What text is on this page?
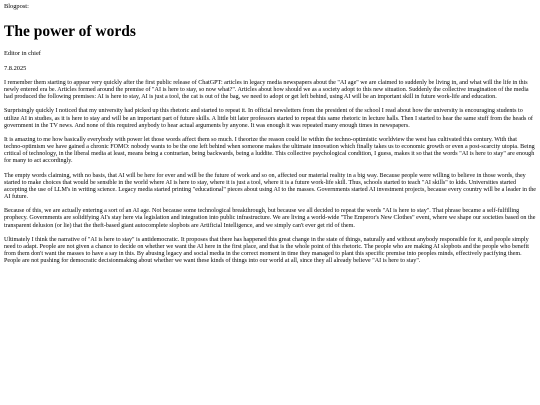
Blogpost:
The power of words
Editor in chief
7.8.2025

I remember them starting to appear very quickly after the first public release of ChatGPT: articles in legacy media newspapers about the "AI age" we are claimed to suddenly be living in, and what will the life in this newly entered era be. Articles formed around the premise of "AI is here to stay, so now what?". Articles about how should we as a society adopt to this new situation. Suddenly the collective imagination of the media had produced the following premises: AI is here to stay, AI is just a tool, the cat is out of the bag, we need to adopt or get left behind, using AI will be an important skill in future work-life and education.

Surprisingly quickly I noticed that my university had picked up this rhetoric and started to repeat it. In official newsletters from the president of the school I read about how the university is encouraging students to utilize AI in studies, as it is here to stay and will be an important part of future skills. A little bit later professors started to repeat this same rhetoric in lecture halls. Then I started to hear the same stuff from the heads of government in the TV news. And none of this required anybody to hear actual arguments by anyone. It was enough it was repeated many enough times in newspapers.

It is amazing to me how basically everybody with power let those words affect them so much. I theorize the reason could lie within the techno-optimistic worldview the west has cultivated this century. With that techno-optimism we have gained a chronic FOMO: nobody wants to be the one left behind when someone makes the ultimate innovation which finally takes us to economic growth or even a post-scarcity utopia. Being critical of technology, in the liberal media at least, means being a contrarian, being backwards, being a luddite. This collective psychological condition, I guess, makes it so that the words "AI is here to stay" are enough for many to act accordingly.

The empty words claiming, with no basis, that AI will be here for ever and will be the future of work and so on, affected our material reality in a big way. Because people were willing to believe in those words, they started to make choices that would be sensible in the world where AI is here to stay, where it is just a tool, where it is a future work-life skill. Thus, schools started to teach "AI skills" to kids. Universities started accepting the use of LLM's in writing science. Legacy media started printing "educational" pieces about using AI to the masses. Governments started AI investment projects, because every country will be a leader in the AI future.

Because of this, we are actually entering a sort of an AI age. Not because some technological breakthrough, but because we all decided to repeat the words "AI is here to stay". That phrase became a self-fulfilling prophecy. Governments are solidifying AI's stay here via legislation and integration into public infrastructure. We are living a world-wide "The Emperor's New Clothes" event, where we shape our societies based on the transparent delusion (or lie) that the theft-based giant autocomplete slopbots are Artificial Intelligence, and we simply can't ever get rid of them.

Ultimately I think the narrative of "AI is here to stay" is antidemocratic. It proposes that there has happened this great change in the state of things, naturally and without anybody responsible for it, and people simply need to adapt. People are not given a chance to decide on whether we want the AI here in the first place, and that is the whole point of this rhetoric. The people who are making AI slopbots and the people who benefit from them don't want the masses to have a say in this. By abusing legacy and social media in the correct moment in time they managed to plant this specific premise into peoples minds, effectively pacifying them. People are not pushing for democratic decisionmaking about whether we want these kinds of things into our world at all, since they all already believe "AI is here to stay".
